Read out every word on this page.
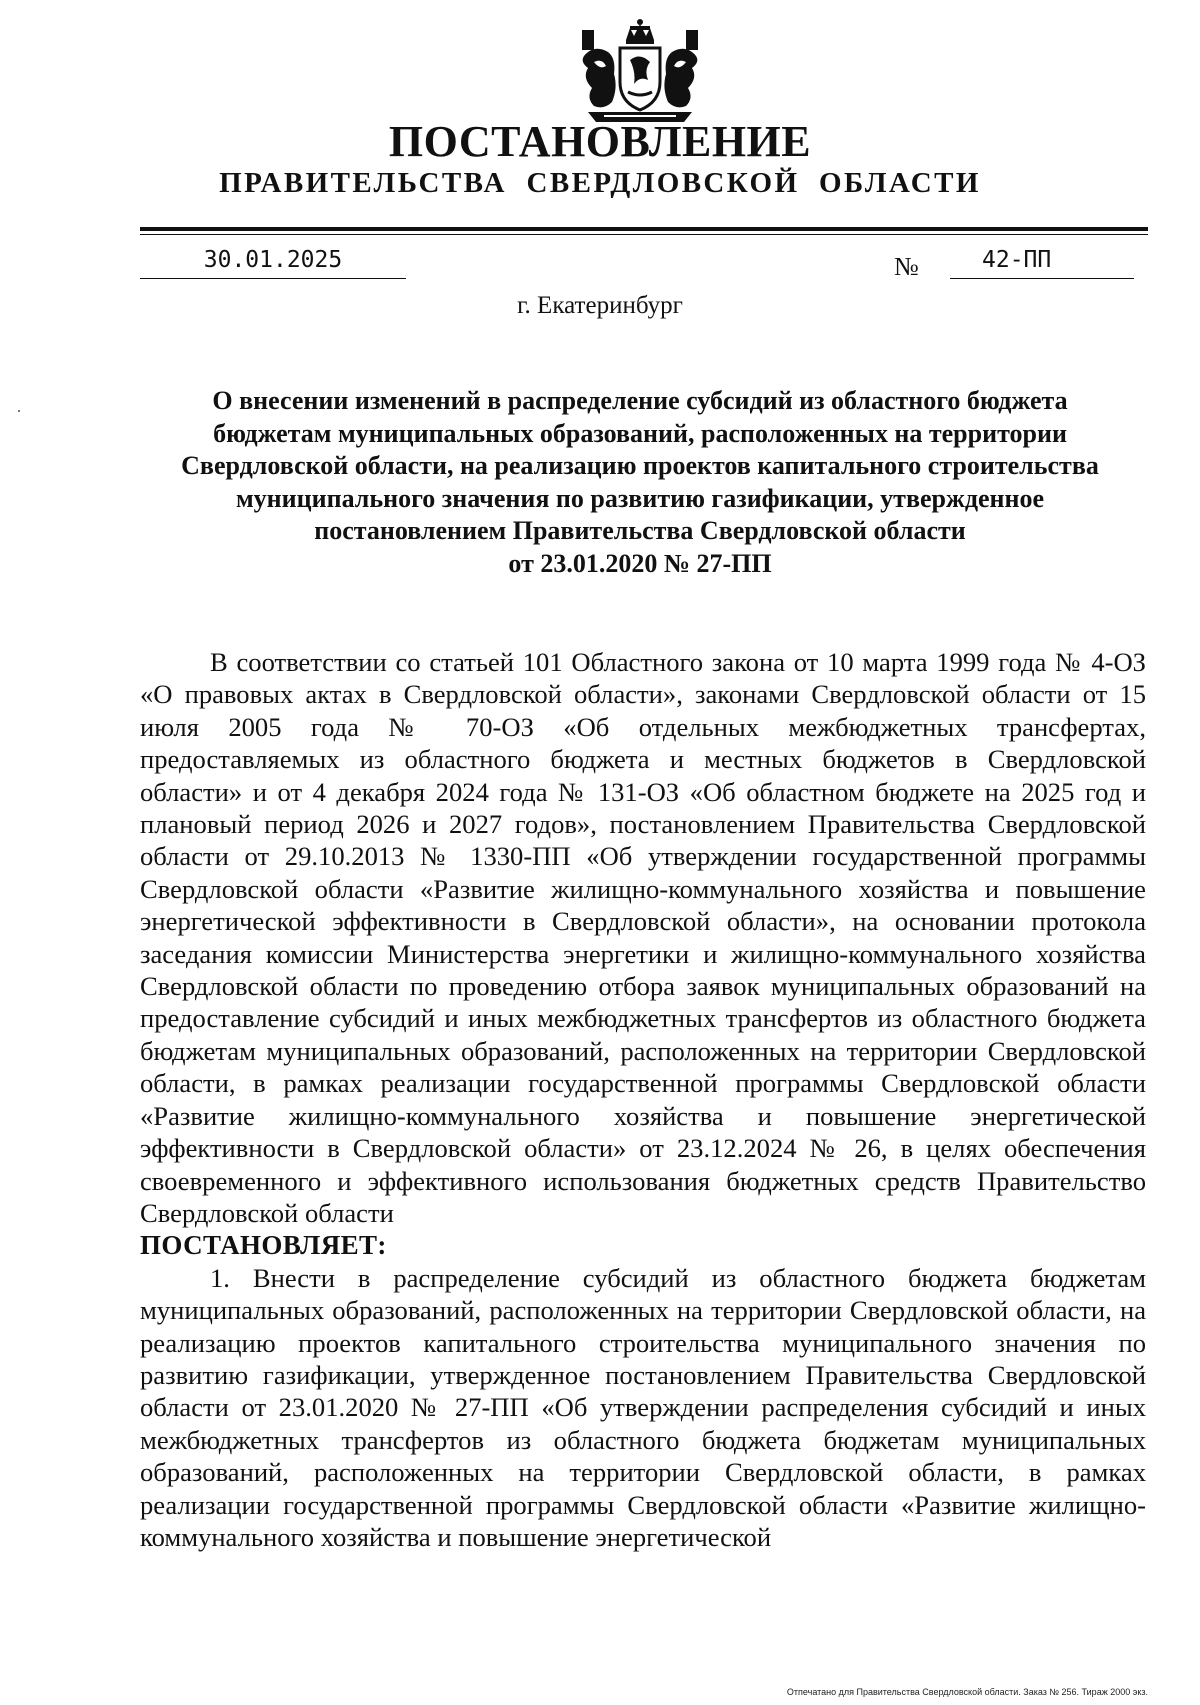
ПОСТАНОВЛЕНИЕ
ПРАВИТЕЛЬСТВА СВЕРДЛОВСКОЙ ОБЛАСТИ
30.01.2025	№	42-ПП
г. Екатеринбург
О внесении изменений в распределение субсидий из областного бюджета
бюджетам муниципальных образований, расположенных на территории
Свердловской области, на реализацию проектов капитального строительства
муниципального значения по развитию газификации, утвержденное
постановлением Правительства Свердловской области
от 23.01.2020 № 27-ПП

В соответствии со статьей 101 Областного закона от 10 марта 1999 года № 4-ОЗ «О правовых актах в Свердловской области», законами Свердловской области от 15 июля 2005 года № 70-ОЗ «Об отдельных межбюджетных трансфертах, предоставляемых из областного бюджета и местных бюджетов в Свердловской области» и от 4 декабря 2024 года № 131-ОЗ «Об областном бюджете на 2025 год и плановый период 2026 и 2027 годов», постановлением Правительства Свердловской области от 29.10.2013 № 1330-ПП «Об утверждении государственной программы Свердловской области «Развитие жилищно-коммунального хозяйства и повышение энергетической эффективности в Свердловской области», на основании протокола заседания комиссии Министерства энергетики и жилищно-коммунального хозяйства Свердловской области по проведению отбора заявок муниципальных образований на предоставление субсидий и иных межбюджетных трансфертов из областного бюджета бюджетам муниципальных образований, расположенных на территории Свердловской области, в рамках реализации государственной программы Свердловской области «Развитие жилищно-коммунального хозяйства и повышение энергетической эффективности в Свердловской области» от 23.12.2024 № 26, в целях обеспечения своевременного и эффективного использования бюджетных средств Правительство Свердловской области

ПОСТАНОВЛЯЕТ:

1. Внести в распределение субсидий из областного бюджета бюджетам муниципальных образований, расположенных на территории Свердловской области, на реализацию проектов капитального строительства муниципального значения по развитию газификации, утвержденное постановлением Правительства Свердловской области от 23.01.2020 № 27-ПП «Об утверждении распределения субсидий и иных межбюджетных трансфертов из областного бюджета бюджетам муниципальных образований, расположенных на территории Свердловской области, в рамках реализации государственной программы Свердловской области «Развитие жилищно-коммунального хозяйства и повышение энергетической

Отпечатано для Правительства Свердловской области. Заказ № 256. Тираж 2000 экз.
